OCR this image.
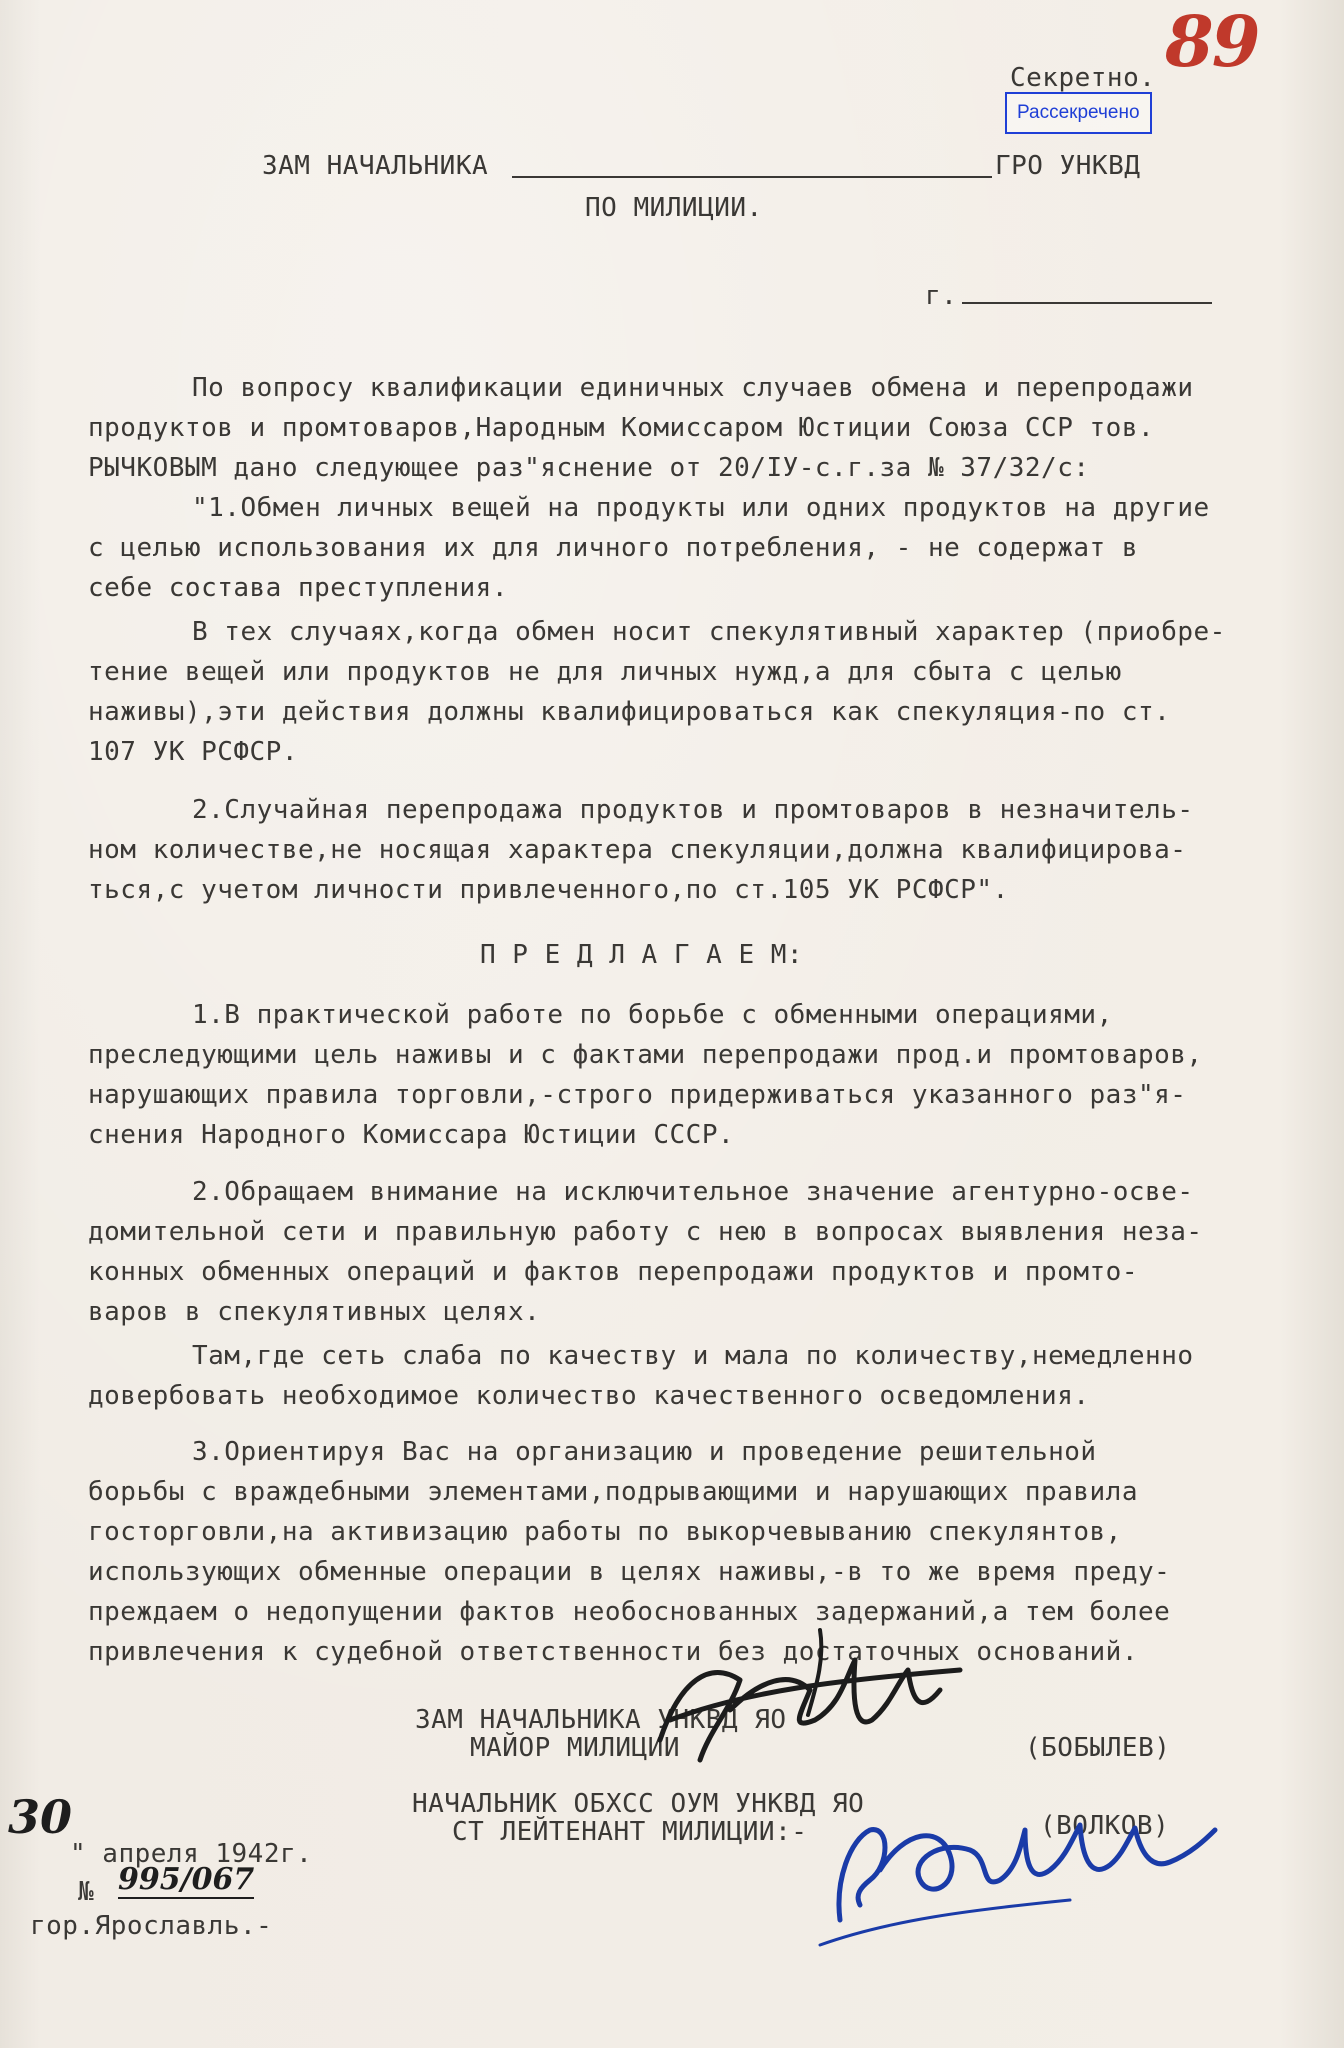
89
Секретно.
Рассекречено
ЗАМ НАЧАЛЬНИКА	ГРО УНКВД
ПО МИЛИЦИИ.
г.
По вопросу квалификации единичных случаев обмена и перепродажи
продуктов и промтоваров,Народным Комиссаром Юстиции Союза ССР тов.
РЫЧКОВЫМ дано следующее раз"яснение от 20/IУ-с.г.за № 37/32/с:
"1.Обмен личных вещей на продукты или одних продуктов на другие
с целью использования их для личного потребления, - не содержат в
себе состава преступления.
В тех случаях,когда обмен носит спекулятивный характер (приобре-
тение вещей или продуктов не для личных нужд,а для сбыта с целью
наживы),эти действия должны квалифицироваться как спекуляция-по ст.
107 УК РСФСР.
2.Случайная перепродажа продуктов и промтоваров в незначитель-
ном количестве,не носящая характера спекуляции,должна квалифицирова-
ться,с учетом личности привлеченного,по ст.105 УК РСФСР".
П Р Е Д Л А Г А Е М:
1.В практической работе по борьбе с обменными операциями,
преследующими цель наживы и с фактами перепродажи прод.и промтоваров,
нарушающих правила торговли,-строго придерживаться указанного раз"я-
снения Народного Комиссара Юстиции СССР.
2.Обращаем внимание на исключительное значение агентурно-осве-
домительной сети и правильную работу с нею в вопросах выявления неза-
конных обменных операций и фактов перепродажи продуктов и промто-
варов в спекулятивных целях.
Там,где сеть слаба по качеству и мала по количеству,немедленно
довербовать необходимое количество качественного осведомления.
3.Ориентируя Вас на организацию и проведение решительной
борьбы с враждебными элементами,подрывающими и нарушающих правила
госторговли,на активизацию работы по выкорчевыванию спекулянтов,
использующих обменные операции в целях наживы,-в то же время преду-
преждаем о недопущении фактов необоснованных задержаний,а тем более
привлечения к судебной ответственности без достаточных оснований.
ЗАМ НАЧАЛЬНИКА УНКВД ЯО
МАЙОР МИЛИЦИИ	(БОБЫЛЕВ)
НАЧАЛЬНИК ОБХСС ОУМ УНКВД ЯО
СТ ЛЕЙТЕНАНТ МИЛИЦИИ:-	(ВОЛКОВ)
30
" апреля 1942г.
№ 995/067
гор.Ярославль.-
